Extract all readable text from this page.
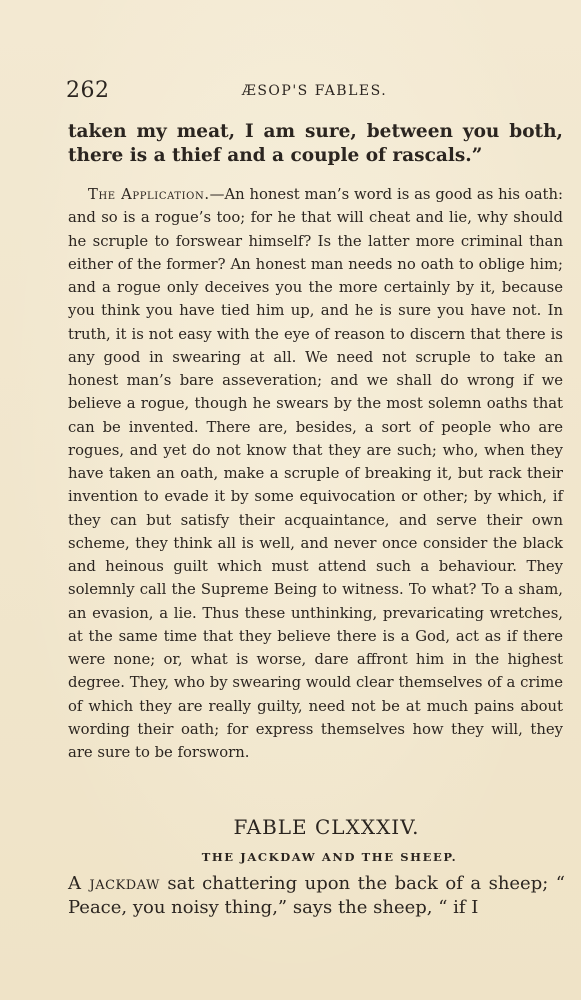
262	ÆSOP'S FABLES.

taken my meat, I am sure, between you both, there is a thief and a couple of rascals.”

The Application.—An honest man’s word is as good as his oath: and so is a rogue’s too; for he that will cheat and lie, why should he scruple to forswear himself? Is the latter more criminal than either of the former? An honest man needs no oath to oblige him; and a rogue only deceives you the more certainly by it, because you think you have tied him up, and he is sure you have not. In truth, it is not easy with the eye of reason to discern that there is any good in swearing at all. We need not scruple to take an honest man’s bare asseveration; and we shall do wrong if we believe a rogue, though he swears by the most solemn oaths that can be invented. There are, besides, a sort of people who are rogues, and yet do not know that they are such; who, when they have taken an oath, make a scruple of breaking it, but rack their invention to evade it by some equivocation or other; by which, if they can but satisfy their acquaintance, and serve their own scheme, they think all is well, and never once consider the black and heinous guilt which must attend such a behaviour. They solemnly call the Supreme Being to witness. To what? To a sham, an evasion, a lie. Thus these unthinking, prevaricating wretches, at the same time that they believe there is a God, act as if there were none; or, what is worse, dare affront him in the highest degree. They, who by swearing would clear themselves of a crime of which they are really guilty, need not be at much pains about wording their oath; for express themselves how they will, they are sure to be forsworn.

FABLE CLXXXIV.
THE JACKDAW AND THE SHEEP.

A jackdaw sat chattering upon the back of a sheep; “ Peace, you noisy thing,” says the sheep, “ if I
